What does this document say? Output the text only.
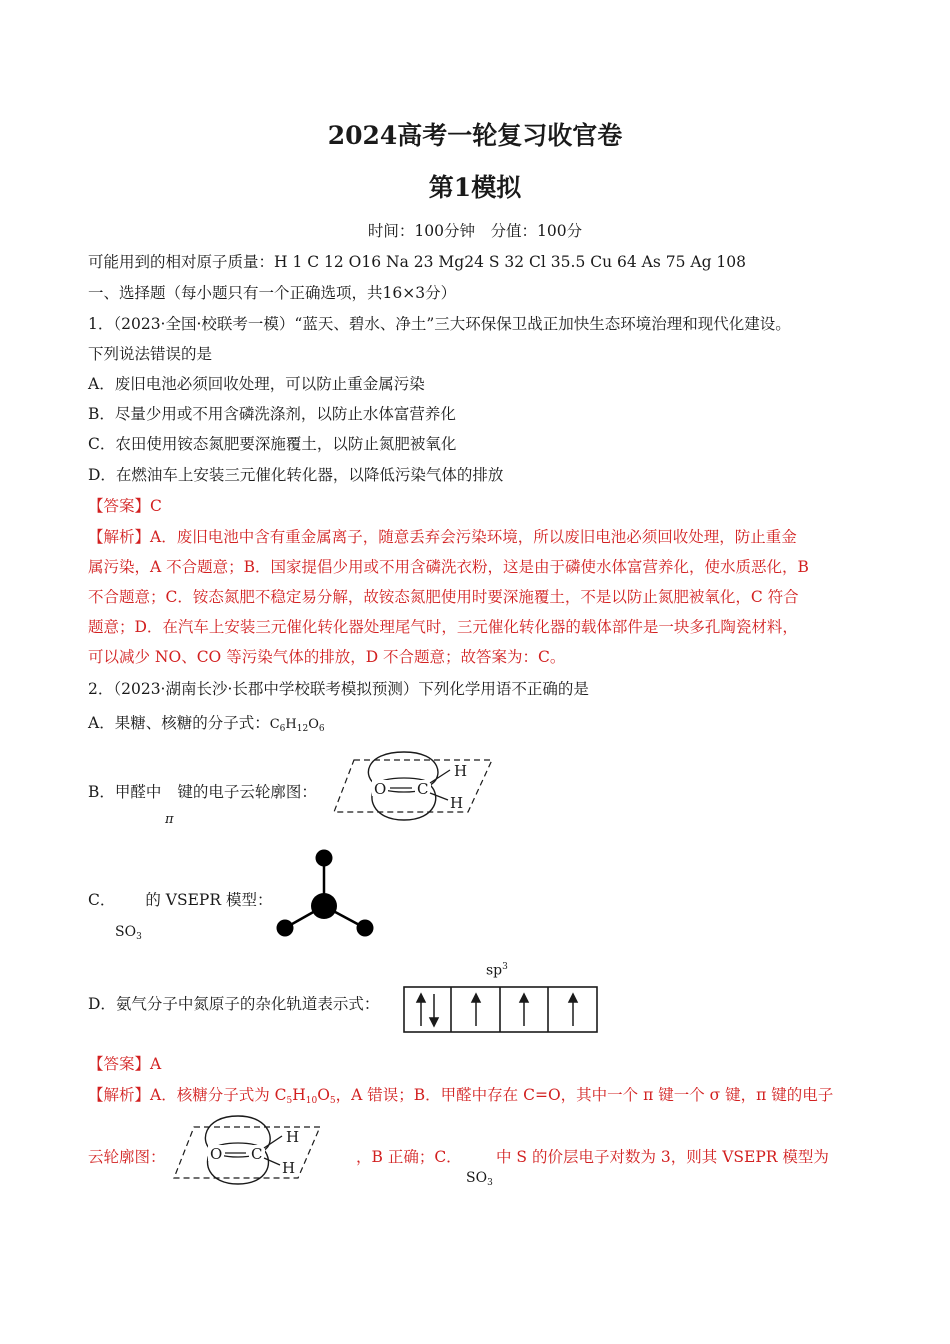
2024高考一轮复习收官卷
第1模拟
时间：100分钟　分值：100分
可能用到的相对原子质量：H 1 C 12 O16 Na 23 Mg24 S 32 Cl 35.5 Cu 64 As 75 Ag 108
一、选择题（每小题只有一个正确选项，共16×3分）
1．（2023·全国·校联考一模）“蓝天、碧水、净土”三大环保保卫战正加快生态环境治理和现代化建设。
下列说法错误的是
A．废旧电池必须回收处理，可以防止重金属污染
B．尽量少用或不用含磷洗涤剂，以防止水体富营养化
C．农田使用铵态氮肥要深施覆土，以防止氮肥被氧化
D．在燃油车上安装三元催化转化器，以降低污染气体的排放
【答案】C
【解析】A．废旧电池中含有重金属离子，随意丢弃会污染环境，所以废旧电池必须回收处理，防止重金
属污染，A 不合题意；B．国家提倡少用或不用含磷洗衣粉，这是由于磷使水体富营养化，使水质恶化，B
不合题意；C．铵态氮肥不稳定易分解，故铵态氮肥使用时要深施覆土，不是以防止氮肥被氧化，C 符合
题意；D．在汽车上安装三元催化转化器处理尾气时，三元催化转化器的载体部件是一块多孔陶瓷材料，
可以减少 NO、CO 等污染气体的排放，D 不合题意；故答案为：C。
2．（2023·湖南长沙·长郡中学校联考模拟预测）下列化学用语不正确的是
A．果糖、核糖的分子式：$C_6H_{12}O_6$
B．甲醛中 键的电子云轮廓图：
π
O C
H
H
C． 的 VSEPR 模型：
$SO_3$
D．氨气分子中氮原子的杂化轨道表示式：
$sp^3$
【答案】A
【解析】A．核糖分子式为 $C_5H_{10}O_5$，A 错误；B．甲醛中存在 C=O，其中一个 π 键一个 σ 键，π 键的电子
云轮廓图：	O C
H
H
，B 正确；C．
$SO_3$
中 S 的价层电子对数为 3，则其 VSEPR 模型为
